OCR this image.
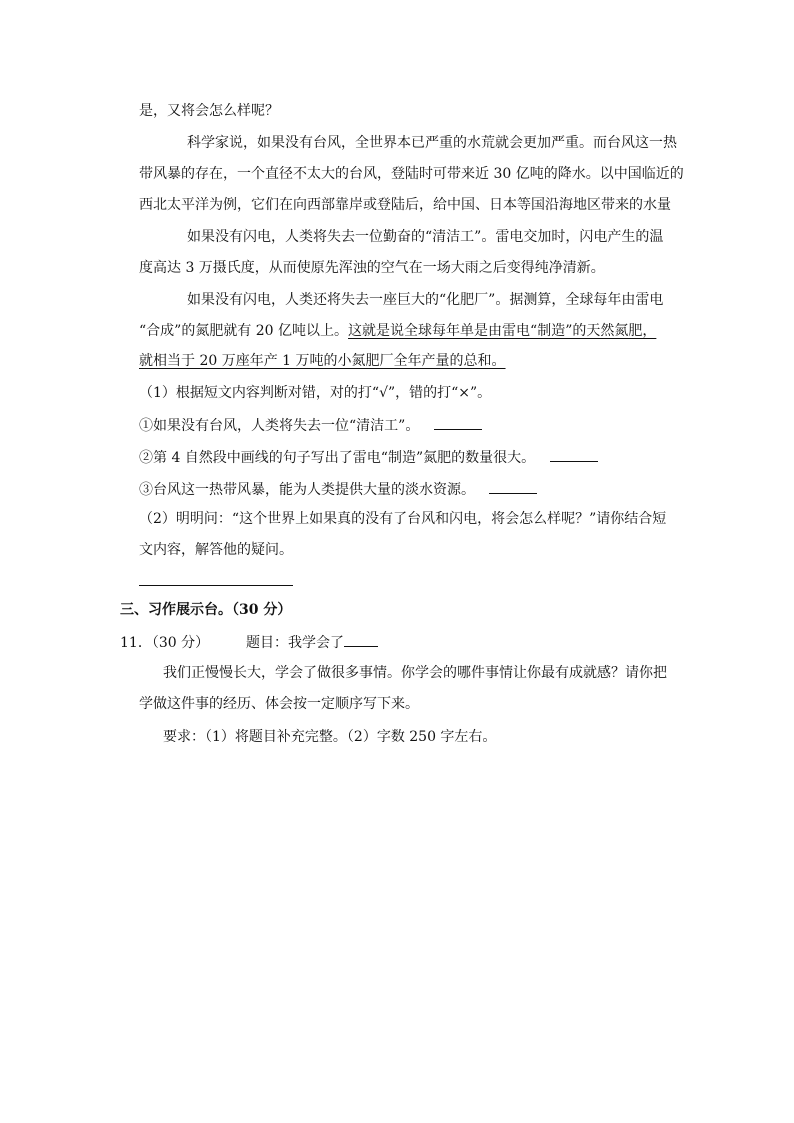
是，又将会怎么样呢？
科学家说，如果没有台风，全世界本已严重的水荒就会更加严重。而台风这一热
带风暴的存在，一个直径不太大的台风，登陆时可带来近 30 亿吨的降水。以中国临近的
西北太平洋为例，它们在向西部靠岸或登陆后，给中国、日本等国沿海地区带来的水量
如果没有闪电，人类将失去一位勤奋的“清洁工”。雷电交加时，闪电产生的温
度高达 3 万摄氏度，从而使原先浑浊的空气在一场大雨之后变得纯净清新。
如果没有闪电，人类还将失去一座巨大的“化肥厂”。据测算，全球每年由雷电
“合成”的氮肥就有 20 亿吨以上。这就是说全球每年单是由雷电“制造”的天然氮肥，
就相当于 20 万座年产 1 万吨的小氮肥厂全年产量的总和。
（1）根据短文内容判断对错，对的打“√”，错的打“×”。
①如果没有台风，人类将失去一位“清洁工”。
②第 4 自然段中画线的句子写出了雷电“制造”氮肥的数量很大。
③台风这一热带风暴，能为人类提供大量的淡水资源。
（2）明明问：“这个世界上如果真的没有了台风和闪电，将会怎么样呢？”请你结合短
文内容，解答他的疑问。
三、习作展示台。（30 分）
11．（30 分）	题目：我学会了
我们正慢慢长大，学会了做很多事情。你学会的哪件事情让你最有成就感？请你把
学做这件事的经历、体会按一定顺序写下来。
要求：（1）将题目补充完整。（2）字数 250 字左右。
